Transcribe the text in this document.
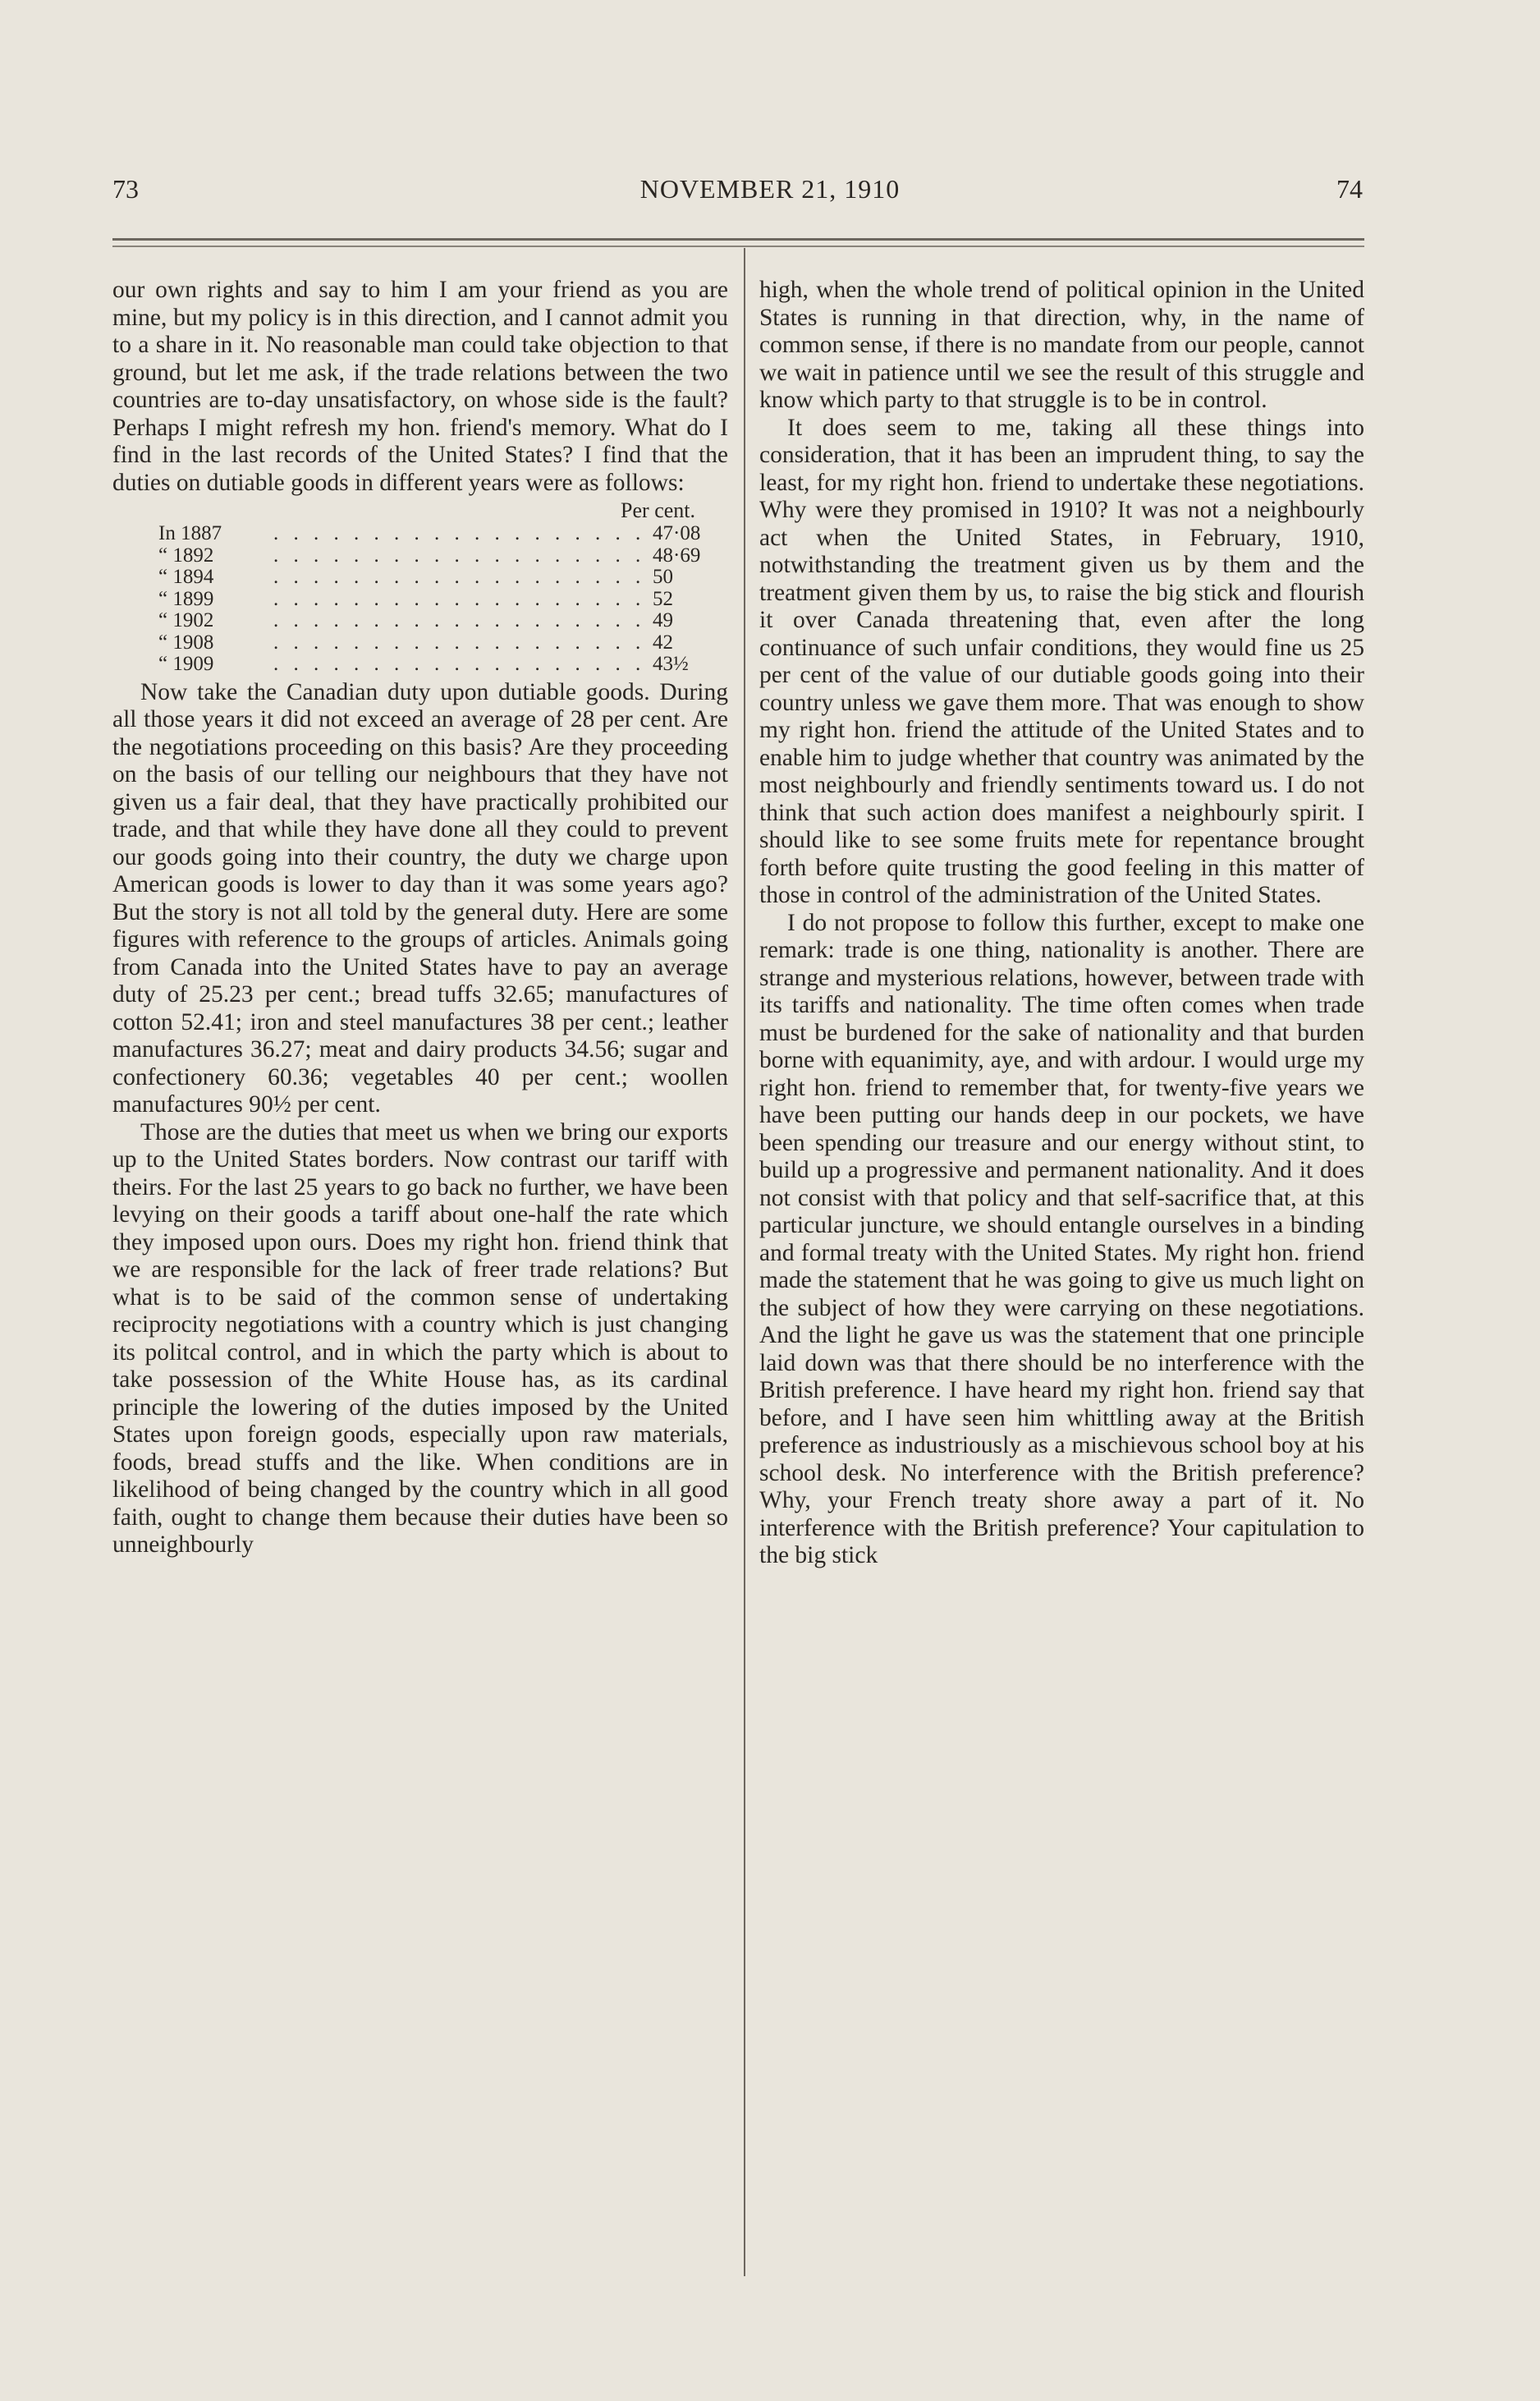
73	NOVEMBER 21, 1910	74

our own rights and say to him I am your friend as you are mine, but my policy is in this direction, and I cannot admit you to a share in it. No reasonable man could take objection to that ground, but let me ask, if the trade relations between the two countries are to-day unsatisfactory, on whose side is the fault? Perhaps I might refresh my hon. friend's memory. What do I find in the last records of the United States? I find that the duties on dutiable goods in different years were as follows:

Per cent.
In 1887	. . . . . . . . . . . . . . . . . . . 47·08
“ 1892	. . . . . . . . . . . . . . . . . . . 48·69
“ 1894	. . . . . . . . . . . . . . . . . . . 50
“ 1899	. . . . . . . . . . . . . . . . . . . 52
“ 1902	. . . . . . . . . . . . . . . . . . . 49
“ 1908	. . . . . . . . . . . . . . . . . . . 42
“ 1909	. . . . . . . . . . . . . . . . . . . 43½

Now take the Canadian duty upon dutiable goods. During all those years it did not exceed an average of 28 per cent. Are the negotiations proceeding on this basis? Are they proceeding on the basis of our telling our neighbours that they have not given us a fair deal, that they have practically prohibited our trade, and that while they have done all they could to prevent our goods going into their country, the duty we charge upon American goods is lower to day than it was some years ago? But the story is not all told by the general duty. Here are some figures with reference to the groups of articles. Animals going from Canada into the United States have to pay an average duty of 25.23 per cent.; bread tuffs 32.65; manufactures of cotton 52.41; iron and steel manufactures 38 per cent.; leather manufactures 36.27; meat and dairy products 34.56; sugar and confectionery 60.36; vegetables 40 per cent.; woollen manufactures 90½ per cent.

Those are the duties that meet us when we bring our exports up to the United States borders. Now contrast our tariff with theirs. For the last 25 years to go back no further, we have been levying on their goods a tariff about one-half the rate which they imposed upon ours. Does my right hon. friend think that we are responsible for the lack of freer trade relations? But what is to be said of the common sense of undertaking reciprocity negotiations with a country which is just changing its politcal control, and in which the party which is about to take possession of the White House has, as its cardinal principle the lowering of the duties imposed by the United States upon foreign goods, especially upon raw materials, foods, bread stuffs and the like. When conditions are in likelihood of being changed by the country which in all good faith, ought to change them because their duties have been so unneighbourly

high, when the whole trend of political opinion in the United States is running in that direction, why, in the name of common sense, if there is no mandate from our people, cannot we wait in patience until we see the result of this struggle and know which party to that struggle is to be in control.

It does seem to me, taking all these things into consideration, that it has been an imprudent thing, to say the least, for my right hon. friend to undertake these negotiations. Why were they promised in 1910? It was not a neighbourly act when the United States, in February, 1910, notwithstanding the treatment given us by them and the treatment given them by us, to raise the big stick and flourish it over Canada threatening that, even after the long continuance of such unfair conditions, they would fine us 25 per cent of the value of our dutiable goods going into their country unless we gave them more. That was enough to show my right hon. friend the attitude of the United States and to enable him to judge whether that country was animated by the most neighbourly and friendly sentiments toward us. I do not think that such action does manifest a neighbourly spirit. I should like to see some fruits mete for repentance brought forth before quite trusting the good feeling in this matter of those in control of the administration of the United States.

I do not propose to follow this further, except to make one remark: trade is one thing, nationality is another. There are strange and mysterious relations, however, between trade with its tariffs and nationality. The time often comes when trade must be burdened for the sake of nationality and that burden borne with equanimity, aye, and with ardour. I would urge my right hon. friend to remember that, for twenty-five years we have been putting our hands deep in our pockets, we have been spending our treasure and our energy without stint, to build up a progressive and permanent nationality. And it does not consist with that policy and that self-sacrifice that, at this particular juncture, we should entangle ourselves in a binding and formal treaty with the United States. My right hon. friend made the statement that he was going to give us much light on the subject of how they were carrying on these negotiations. And the light he gave us was the statement that one principle laid down was that there should be no interference with the British preference. I have heard my right hon. friend say that before, and I have seen him whittling away at the British preference as industriously as a mischievous school boy at his school desk. No interference with the British preference? Why, your French treaty shore away a part of it. No interference with the British preference? Your capitulation to the big stick
